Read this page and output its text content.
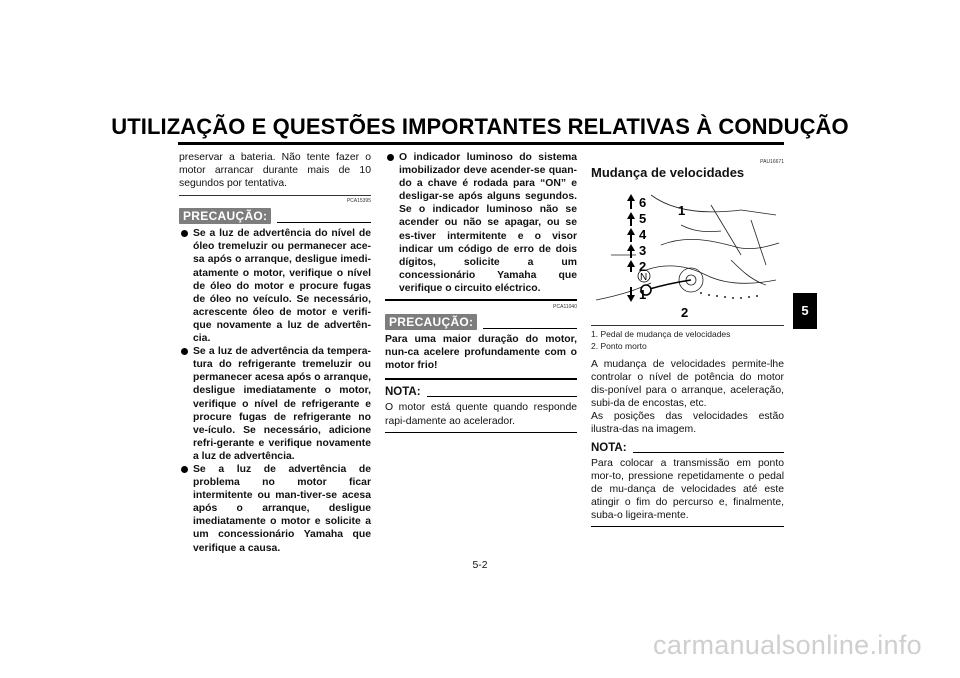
UTILIZAÇÃO E QUESTÕES IMPORTANTES RELATIVAS À CONDUÇÃO

preservar a bateria. Não tente fazer o motor arrancar durante mais de 10 segundos por tentativa.

PCA15395

PRECAUÇÃO:
Se a luz de advertência do nível de óleo tremeluzir ou permanecer ace-sa após o arranque, desligue imedi-atamente o motor, verifique o nível de óleo do motor e procure fugas de óleo no veículo. Se necessário, acrescente óleo de motor e verifi-que novamente a luz de advertên-cia.
Se a luz de advertência da tempera-tura do refrigerante tremeluzir ou permanecer acesa após o arranque, desligue imediatamente o motor, verifique o nível de refrigerante e procure fugas de refrigerante no ve-ículo. Se necessário, adicione refri-gerante e verifique novamente a luz de advertência.
Se a luz de advertência de problema no motor ficar intermitente ou man-tiver-se acesa após o arranque, desligue imediatamente o motor e solicite a um concessionário Yamaha que verifique a causa.
O indicador luminoso do sistema imobilizador deve acender-se quan-do a chave é rodada para “ON” e desligar-se após alguns segundos. Se o indicador luminoso não se acender ou não se apagar, ou se es-tiver intermitente e o visor indicar um código de erro de dois dígitos, solicite a um concessionário Yamaha que verifique o circuito eléctrico.

PCA11040

PRECAUÇÃO:

Para uma maior duração do motor, nun-ca acelere profundamente com o motor frio!

NOTA:

O motor está quente quando responde rapi-damente ao acelerador.

PAU16671

Mudança de velocidades

6
5
4
3
2
N
1
1
2

1. Pedal de mudança de velocidades

2. Ponto morto

A mudança de velocidades permite-lhe controlar o nível de potência do motor dis-ponível para o arranque, aceleração, subi-da de encostas, etc.

As posições das velocidades estão ilustra-das na imagem.

NOTA:

Para colocar a transmissão em ponto mor-to, pressione repetidamente o pedal de mu-dança de velocidades até este atingir o fim do percurso e, finalmente, suba-o ligeira-mente.

5
5-2
carmanualsonline.info
